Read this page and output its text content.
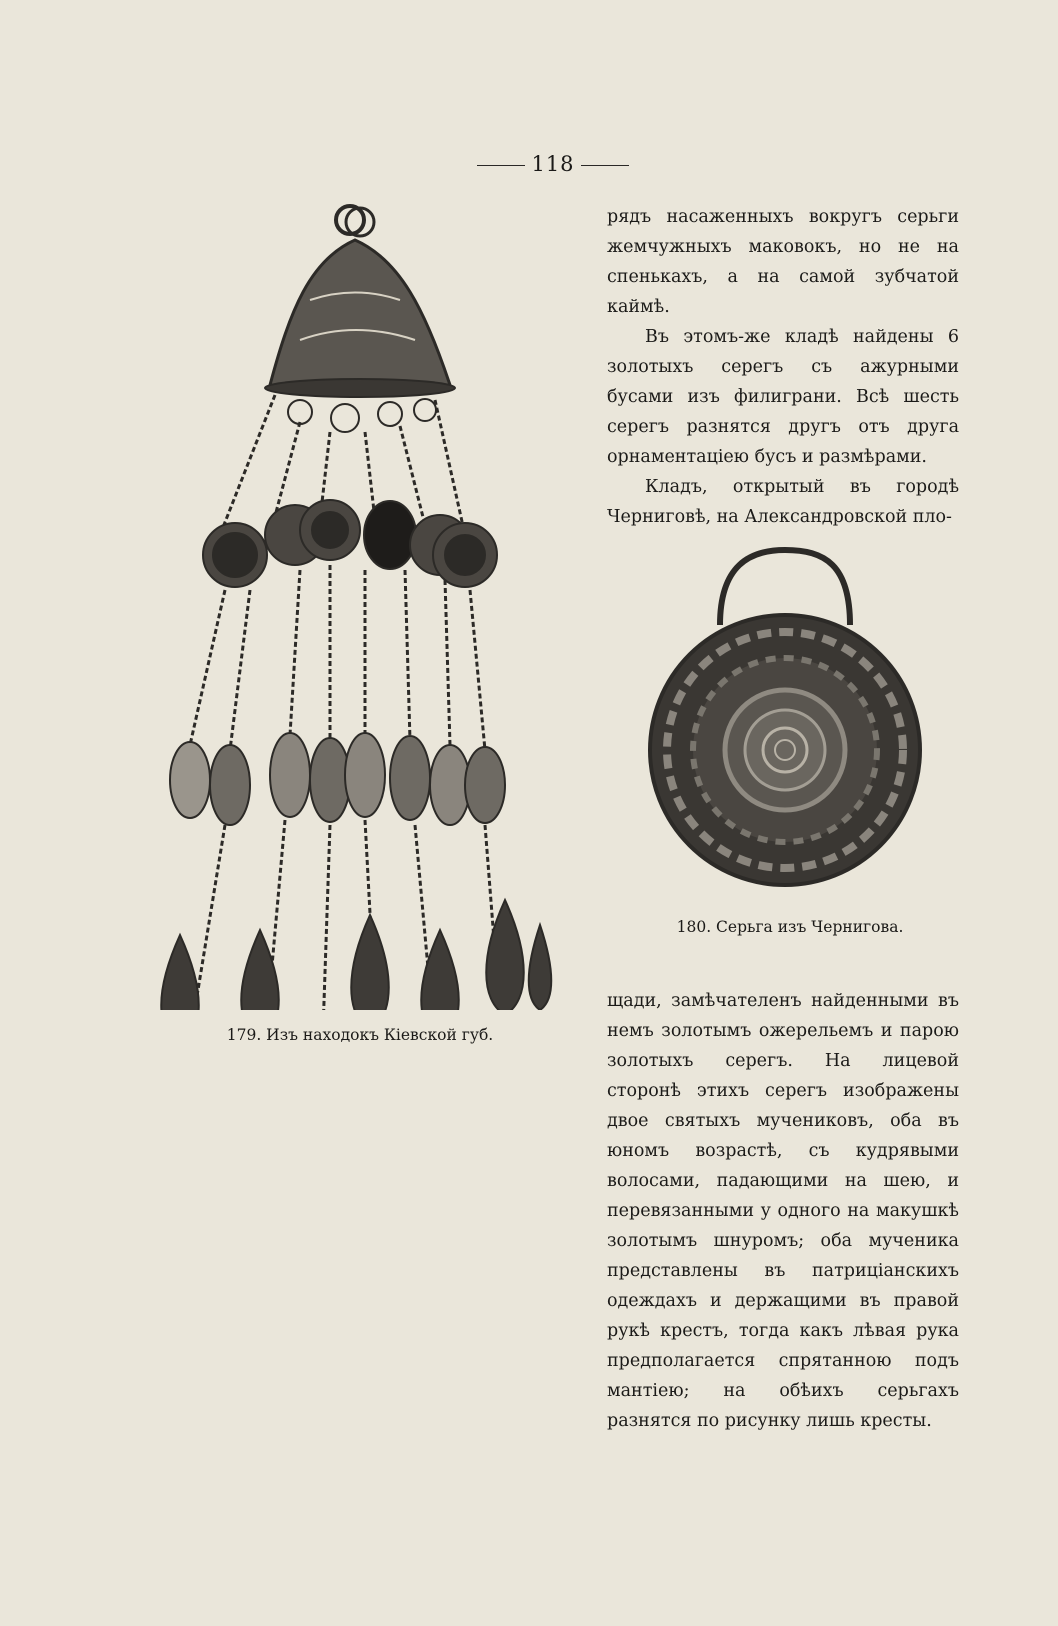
118

рядъ насаженныхъ вокругъ серьги жемчужныхъ маковокъ, но не на спенькахъ, а на самой зубчатой каймѣ.

Въ этомъ-же кладѣ найдены 6 золотыхъ серегъ съ ажурными бусами изъ филиграни. Всѣ шесть серегъ разнятся другъ отъ друга орнаментаціею бусъ и размѣрами.

Кладъ, открытый въ городѣ Черниговѣ, на Александровской пло-

179. Изъ находокъ Кіевской губ.
180. Серьга изъ Чернигова.

щади, замѣчателенъ найденными въ немъ золотымъ ожерельемъ и парою золотыхъ серегъ. На лицевой сторонѣ этихъ серегъ изображены двое святыхъ мучениковъ, оба въ юномъ возрастѣ, съ кудрявыми волосами, падающими на шею, и перевязанными у одного на макушкѣ золотымъ шнуромъ; оба мученика представлены въ патриціанскихъ одеждахъ и держащими въ правой рукѣ крестъ, тогда какъ лѣвая рука предполагается спрятанною подъ мантіею; на обѣихъ серьгахъ разнятся по рисунку лишь кресты.
